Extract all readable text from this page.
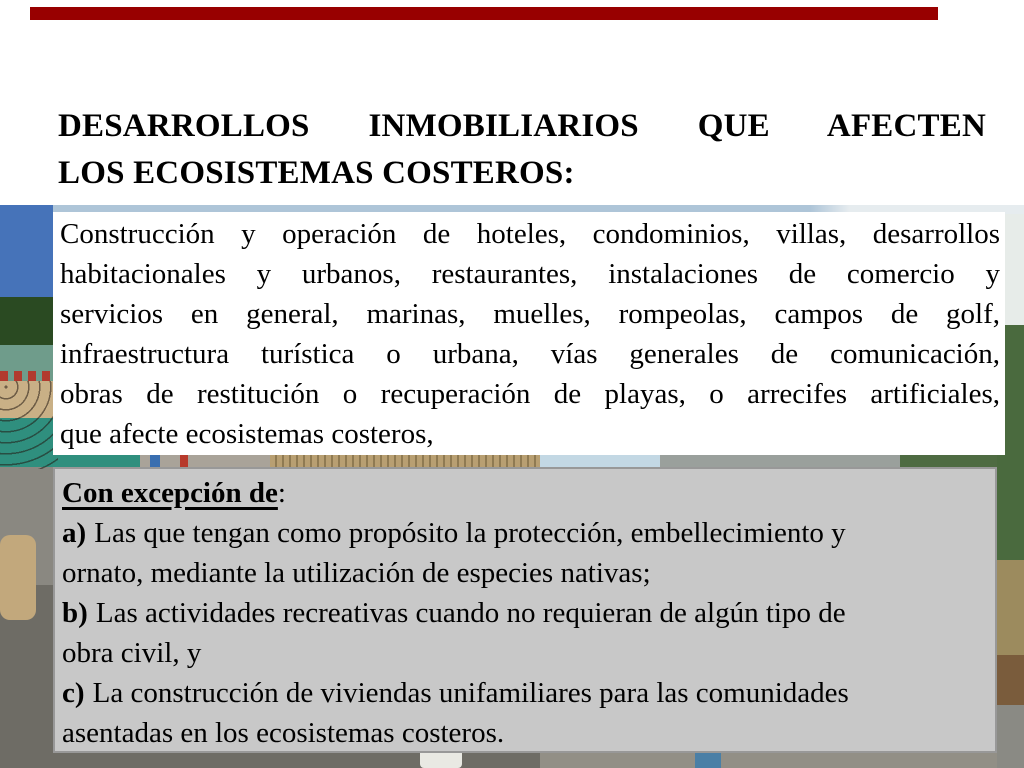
DESARROLLOS INMOBILIARIOS QUE AFECTEN
LOS ECOSISTEMAS COSTEROS:
Construcción y operación de hoteles, condominios, villas, desarrollos
habitacionales y urbanos, restaurantes, instalaciones de comercio y
servicios en general, marinas, muelles, rompeolas, campos de golf,
infraestructura turística o urbana, vías generales de comunicación,
obras de restitución o recuperación de playas, o arrecifes artificiales,
que afecte ecosistemas costeros,
Con excepción de:
a) Las que tengan como propósito la protección, embellecimiento y
ornato, mediante la utilización de especies nativas;
b) Las actividades recreativas cuando no requieran de algún tipo de
obra civil, y
c) La construcción de viviendas unifamiliares para las comunidades
asentadas en los ecosistemas costeros.
